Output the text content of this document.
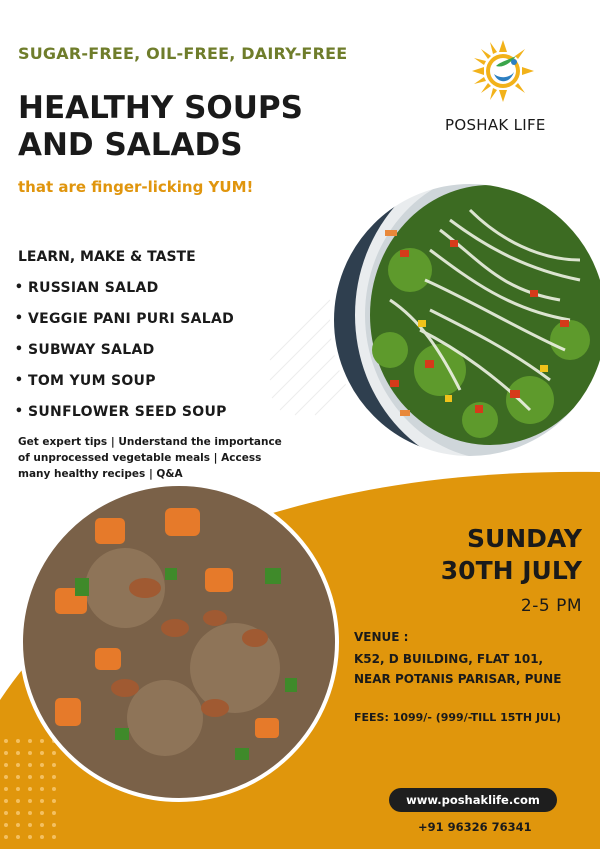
SUGAR-FREE, OIL-FREE, DAIRY-FREE
HEALTHY SOUPS
AND SALADS
that are finger-licking YUM!
POSHAK LIFE
LEARN, MAKE & TASTE
• RUSSIAN SALAD
• VEGGIE PANI PURI SALAD
• SUBWAY SALAD
• TOM YUM SOUP
• SUNFLOWER SEED SOUP
Get expert tips | Understand the importance
of unprocessed vegetable meals | Access
many healthy recipes | Q&A
SUNDAY
30TH JULY
2-5 PM
VENUE :
K52, D BUILDING, FLAT 101,
NEAR POTANIS PARISAR, PUNE
FEES: 1099/- (999/-TILL 15TH JUL)
www.poshaklife.com
+91 96326 76341
